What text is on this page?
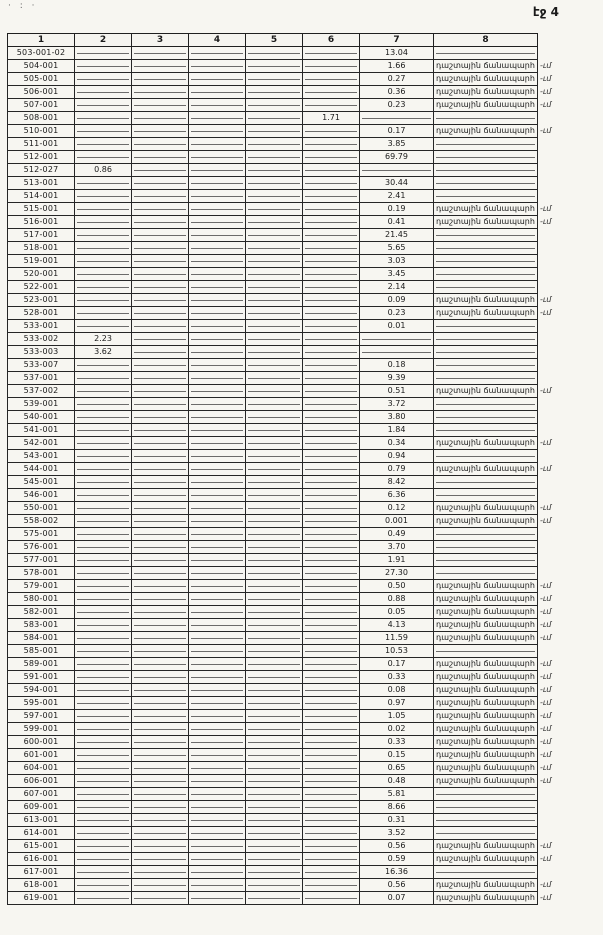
· : ·	էջ 4
1	2	3	4	5	6	7	8	
503-001-02						13.04		
504-001						1.66	դաշտային ճանապարհ	-ւմ
505-001						0.27	դաշտային ճանապարհ	-ւմ
506-001						0.36	դաշտային ճանապարհ	-ւմ
507-001						0.23	դաշտային ճանապարհ	-ւմ
508-001					1.71			
510-001						0.17	դաշտային ճանապարհ	-ւմ
511-001						3.85		
512-001						69.79		
512-027	0.86							
513-001						30.44		
514-001						2.41		
515-001						0.19	դաշտային ճանապարհ	-ւմ
516-001						0.41	դաշտային ճանապարհ	-ւմ
517-001						21.45		
518-001						5.65		
519-001						3.03		
520-001						3.45		
522-001						2.14		
523-001						0.09	դաշտային ճանապարհ	-ւմ
528-001						0.23	դաշտային ճանապարհ	-ւմ
533-001						0.01		
533-002	2.23							
533-003	3.62							
533-007						0.18		
537-001						9.39		
537-002						0.51	դաշտային ճանապարհ	-ւմ
539-001						3.72		
540-001						3.80		
541-001						1.84		
542-001						0.34	դաշտային ճանապարհ	-ւմ
543-001						0.94		
544-001						0.79	դաշտային ճանապարհ	-ւմ
545-001						8.42		
546-001						6.36		
550-001						0.12	դաշտային ճանապարհ	-ւմ
558-002						0.001	դաշտային ճանապարհ	-ւմ
575-001						0.49		
576-001						3.70		
577-001						1.91		
578-001						27.30		
579-001						0.50	դաշտային ճանապարհ	-ւմ
580-001						0.88	դաշտային ճանապարհ	-ւմ
582-001						0.05	դաշտային ճանապարհ	-ւմ
583-001						4.13	դաշտային ճանապարհ	-ւմ
584-001						11.59	դաշտային ճանապարհ	-ւմ
585-001						10.53		
589-001						0.17	դաշտային ճանապարհ	-ւմ
591-001						0.33	դաշտային ճանապարհ	-ւմ
594-001						0.08	դաշտային ճանապարհ	-ւմ
595-001						0.97	դաշտային ճանապարհ	-ւմ
597-001						1.05	դաշտային ճանապարհ	-ւմ
599-001						0.02	դաշտային ճանապարհ	-ւմ
600-001						0.33	դաշտային ճանապարհ	-ւմ
601-001						0.15	դաշտային ճանապարհ	-ւմ
604-001						0.65	դաշտային ճանապարհ	-ւմ
606-001						0.48	դաշտային ճանապարհ	-ւմ
607-001						5.81		
609-001						8.66		
613-001						0.31		
614-001						3.52		
615-001						0.56	դաշտային ճանապարհ	-ւմ
616-001						0.59	դաշտային ճանապարհ	-ւմ
617-001						16.36		
618-001						0.56	դաշտային ճանապարհ	-ւմ
619-001						0.07	դաշտային ճանապարհ	-ւմ
